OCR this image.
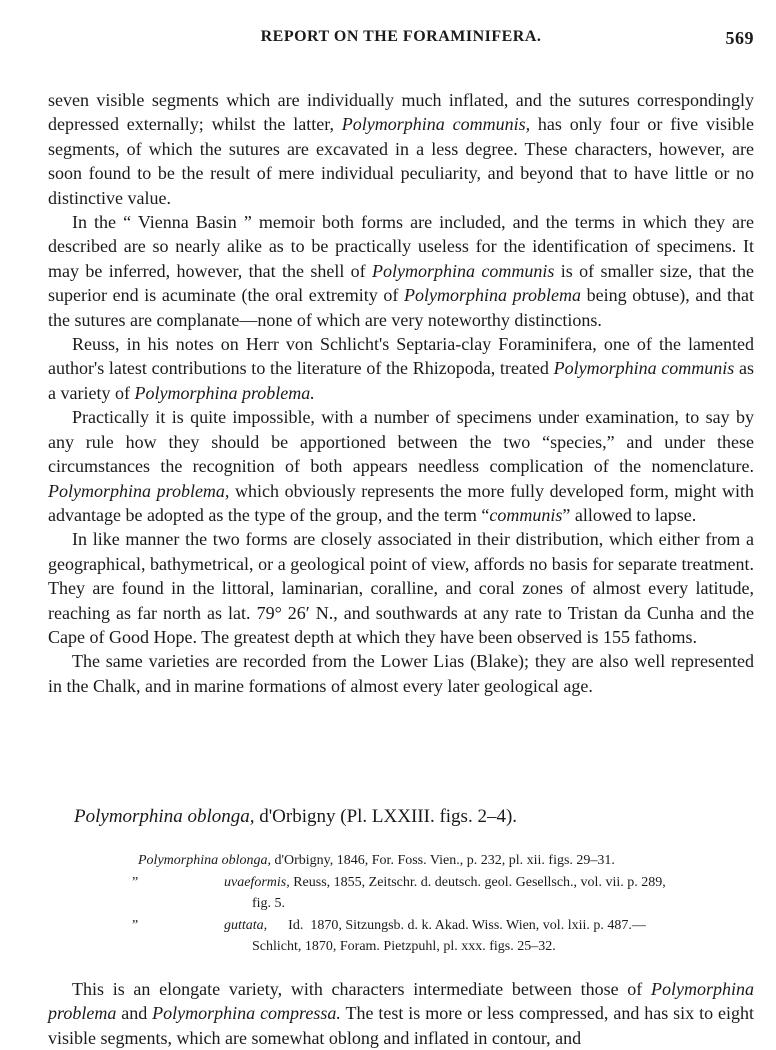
REPORT ON THE FORAMINIFERA.	569

seven visible segments which are individually much inflated, and the sutures correspondingly depressed externally; whilst the latter, Polymorphina communis, has only four or five visible segments, of which the sutures are excavated in a less degree. These characters, however, are soon found to be the result of mere individual peculiarity, and beyond that to have little or no distinctive value.

In the “ Vienna Basin ” memoir both forms are included, and the terms in which they are described are so nearly alike as to be practically useless for the identification of specimens. It may be inferred, however, that the shell of Polymorphina communis is of smaller size, that the superior end is acuminate (the oral extremity of Polymorphina problema being obtuse), and that the sutures are complanate—none of which are very noteworthy distinctions.

Reuss, in his notes on Herr von Schlicht's Septaria-clay Foraminifera, one of the lamented author's latest contributions to the literature of the Rhizopoda, treated Polymorphina communis as a variety of Polymorphina problema.

Practically it is quite impossible, with a number of specimens under examination, to say by any rule how they should be apportioned between the two “species,” and under these circumstances the recognition of both appears needless complication of the nomenclature. Polymorphina problema, which obviously represents the more fully developed form, might with advantage be adopted as the type of the group, and the term “communis” allowed to lapse.

In like manner the two forms are closely associated in their distribution, which either from a geographical, bathymetrical, or a geological point of view, affords no basis for separate treatment. They are found in the littoral, laminarian, coralline, and coral zones of almost every latitude, reaching as far north as lat. 79° 26′ N., and southwards at any rate to Tristan da Cunha and the Cape of Good Hope. The greatest depth at which they have been observed is 155 fathoms.

The same varieties are recorded from the Lower Lias (Blake); they are also well represented in the Chalk, and in marine formations of almost every later geological age.

Polymorphina oblonga, d'Orbigny (Pl. LXXIII. figs. 2–4).
Polymorphina oblonga, d'Orbigny, 1846, For. Foss. Vien., p. 232, pl. xii. figs. 29–31.
”	uvaeformis, Reuss, 1855, Zeitschr. d. deutsch. geol. Gesellsch., vol. vii. p. 289,
fig. 5.
”	guttata,      Id.  1870, Sitzungsb. d. k. Akad. Wiss. Wien, vol. lxii. p. 487.—
Schlicht, 1870, Foram. Pietzpuhl, pl. xxx. figs. 25–32.

This is an elongate variety, with characters intermediate between those of Polymorphina problema and Polymorphina compressa. The test is more or less compressed, and has six to eight visible segments, which are somewhat oblong and inflated in contour, and
